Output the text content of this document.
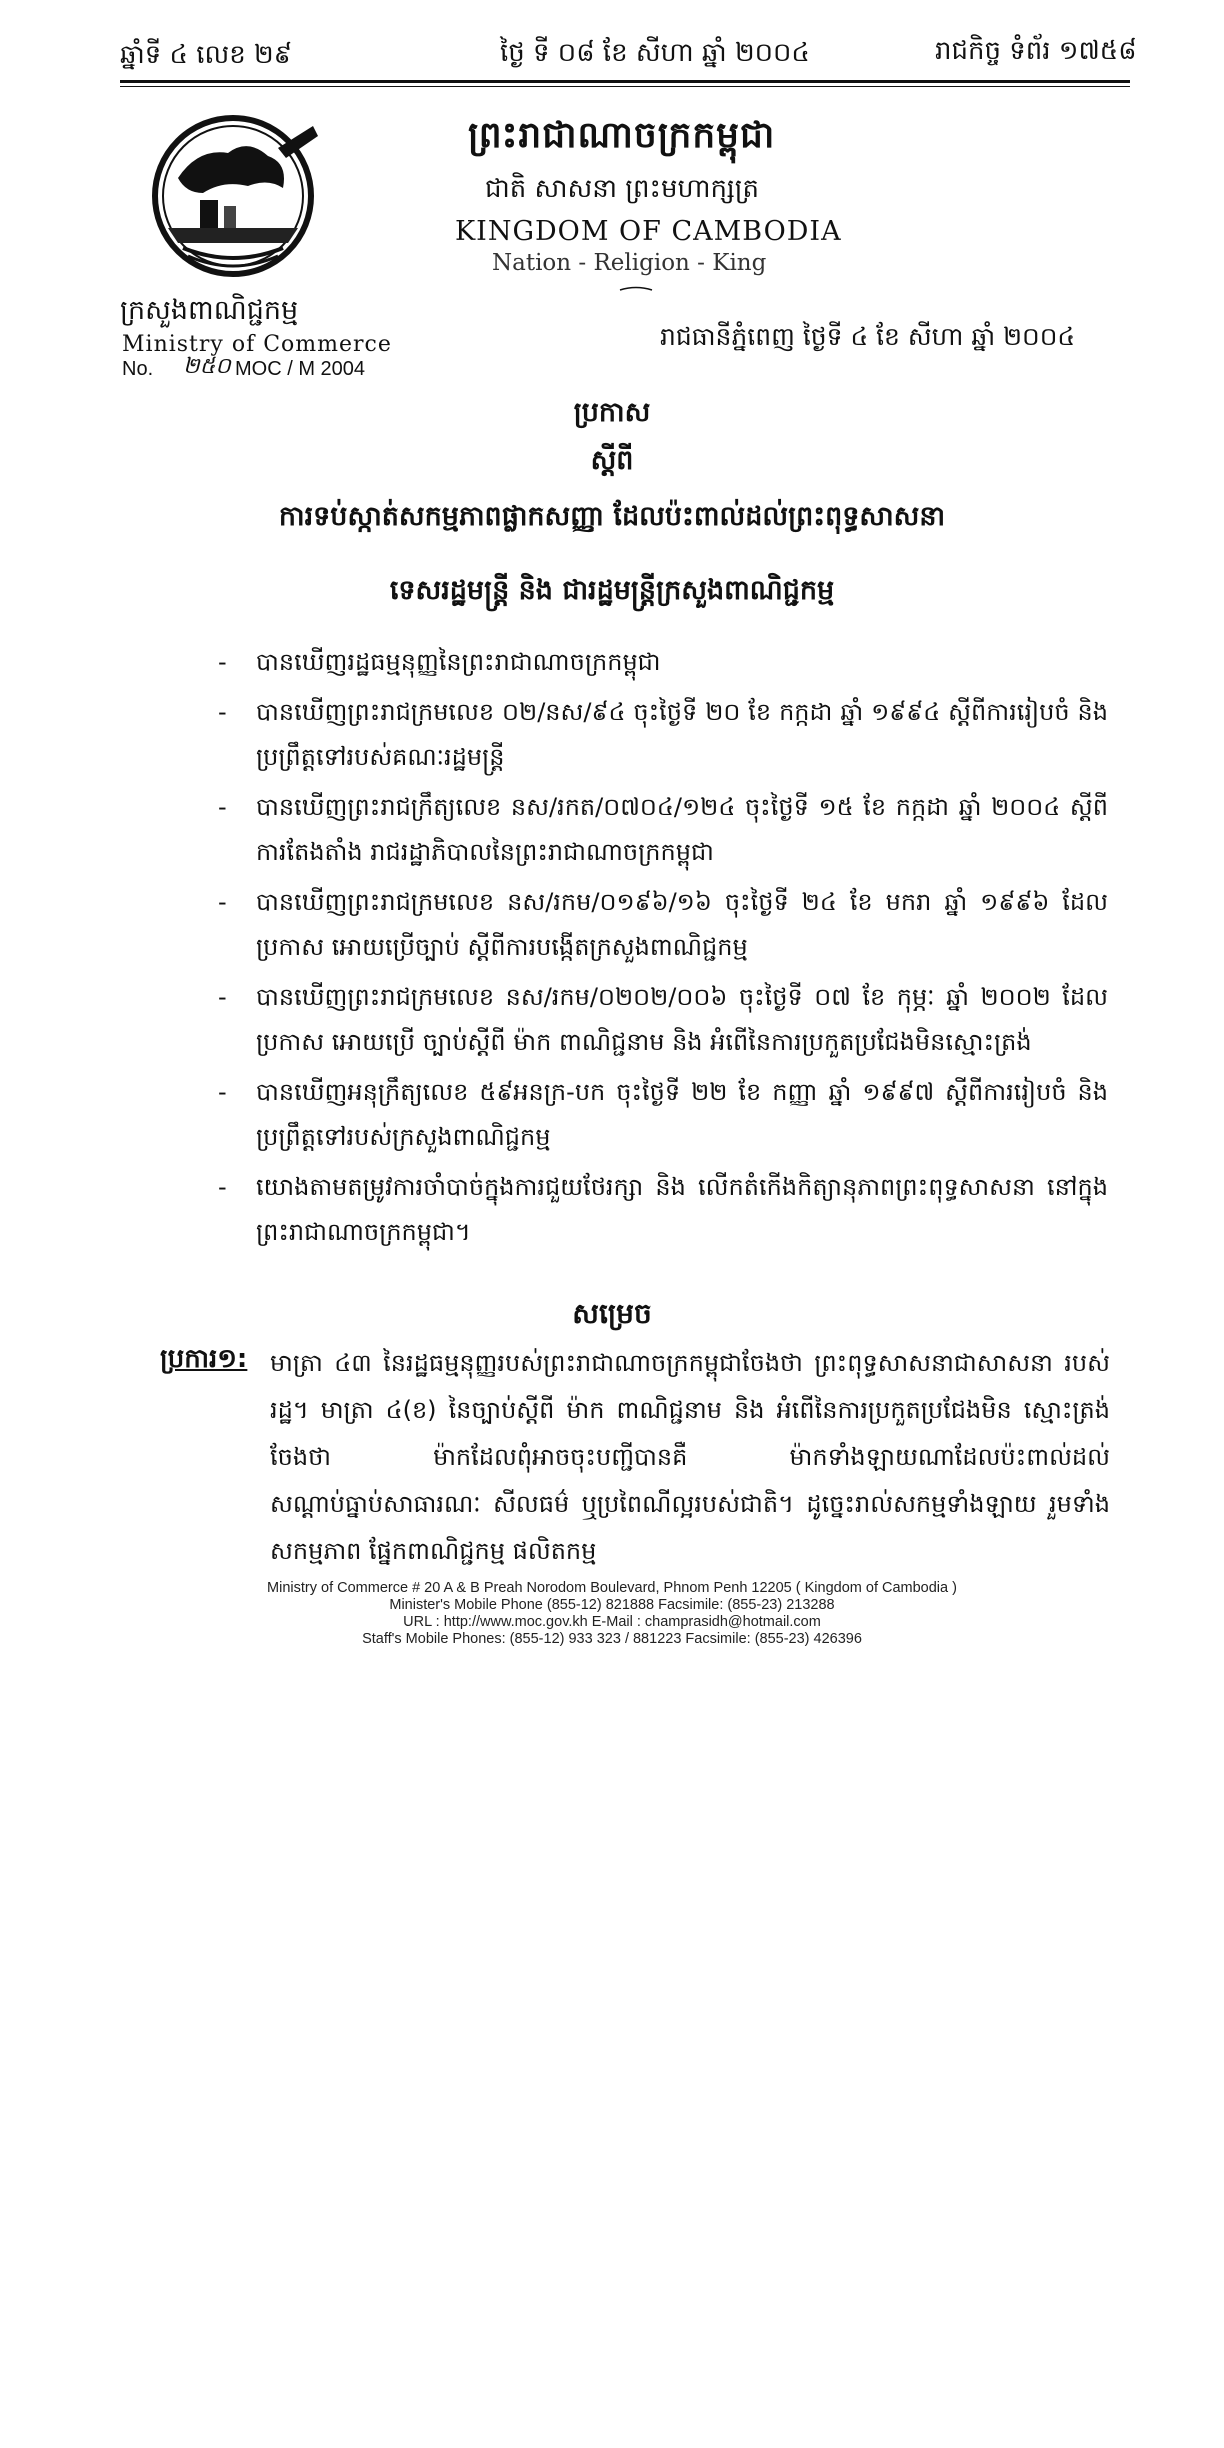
ឆ្នាំទី ៤ លេខ ២៩	ថ្ងៃ ទី ០៨ ខែ សីហា ឆ្នាំ ២០០៤	រាជកិច្ច ទំព័រ ១៧៥៨
ព្រះរាជាណាចក្រកម្ពុជា
ជាតិ សាសនា ព្រះមហាក្សត្រ
KINGDOM OF CAMBODIA
Nation - Religion - King
ក្រសួងពាណិជ្ជកម្ម
Ministry of Commerce
No. ២៥០ MOC / M 2004
រាជធានីភ្នំពេញ ថ្ងៃទី ៤ ខែ សីហា ឆ្នាំ ២០០៤
ប្រកាស
ស្តីពី
ការទប់ស្កាត់សកម្មភាពផ្លាកសញ្ញា ដែលប៉ះពាល់ដល់ព្រះពុទ្ធសាសនា
ទេសរដ្ឋមន្ត្រី និង ជារដ្ឋមន្ត្រីក្រសួងពាណិជ្ជកម្ម
- បានឃើញរដ្ឋធម្មនុញ្ញនៃព្រះរាជាណាចក្រកម្ពុជា
- បានឃើញព្រះរាជក្រមលេខ ០២/នស/៩៤ ចុះថ្ងៃទី ២០ ខែ កក្កដា ឆ្នាំ ១៩៩៤ ស្តីពីការរៀបចំ និង ប្រព្រឹត្តទៅរបស់គណៈរដ្ឋមន្ត្រី
- បានឃើញព្រះរាជក្រឹត្យលេខ នស/រកត/០៧០៤/១២៤ ចុះថ្ងៃទី ១៥ ខែ កក្កដា ឆ្នាំ ២០០៤ ស្តីពីការតែងតាំង រាជរដ្ឋាភិបាលនៃព្រះរាជាណាចក្រកម្ពុជា
- បានឃើញព្រះរាជក្រមលេខ នស/រកម/០១៩៦/១៦ ចុះថ្ងៃទី ២៤ ខែ មករា ឆ្នាំ ១៩៩៦ ដែលប្រកាស អោយប្រើច្បាប់ ស្តីពីការបង្កើតក្រសួងពាណិជ្ជកម្ម
- បានឃើញព្រះរាជក្រមលេខ នស/រកម/០២០២/០០៦ ចុះថ្ងៃទី ០៧ ខែ កុម្ភៈ ឆ្នាំ ២០០២ ដែលប្រកាស អោយប្រើ ច្បាប់ស្តីពី ម៉ាក ពាណិជ្ជនាម និង អំពើនៃការប្រកួតប្រជែងមិនស្មោះត្រង់
- បានឃើញអនុក្រឹត្យលេខ ៥៩អនក្រ-បក ចុះថ្ងៃទី ២២ ខែ កញ្ញា ឆ្នាំ ១៩៩៧ ស្តីពីការរៀបចំ និង ប្រព្រឹត្តទៅរបស់ក្រសួងពាណិជ្ជកម្ម
- យោងតាមតម្រូវការចាំបាច់ក្នុងការជួយថែរក្សា និង លើកតំកើងកិត្យានុភាពព្រះពុទ្ធសាសនា នៅក្នុង ព្រះរាជាណាចក្រកម្ពុជា។
សម្រេច
ប្រការ១: មាត្រា ៤៣ នៃរដ្ឋធម្មនុញ្ញរបស់ព្រះរាជាណាចក្រកម្ពុជាចែងថា ព្រះពុទ្ធសាសនាជាសាសនា របស់រដ្ឋ។ មាត្រា ៤(ខ) នៃច្បាប់ស្តីពី ម៉ាក ពាណិជ្ជនាម និង អំពើនៃការប្រកួតប្រជែងមិន ស្មោះត្រង់ ចែងថា ម៉ាកដែលពុំអាចចុះបញ្ជីបានគឺ ម៉ាកទាំងឡាយណាដែលប៉ះពាល់ដល់ សណ្តាប់ធ្នាប់សាធារណៈ សីលធម៌ ឬប្រពៃណីល្អរបស់ជាតិ។ ដូច្នេះរាល់សកម្មទាំងឡាយ រួមទាំងសកម្មភាព ផ្នែកពាណិជ្ជកម្ម ផលិតកម្ម
Ministry of Commerce # 20 A & B Preah Norodom Boulevard, Phnom Penh 12205 ( Kingdom of Cambodia )
Minister's Mobile Phone (855-12) 821888 Facsimile: (855-23) 213288
URL : http://www.moc.gov.kh E-Mail : champrasidh@hotmail.com
Staff's Mobile Phones: (855-12) 933 323 / 881223 Facsimile: (855-23) 426396
